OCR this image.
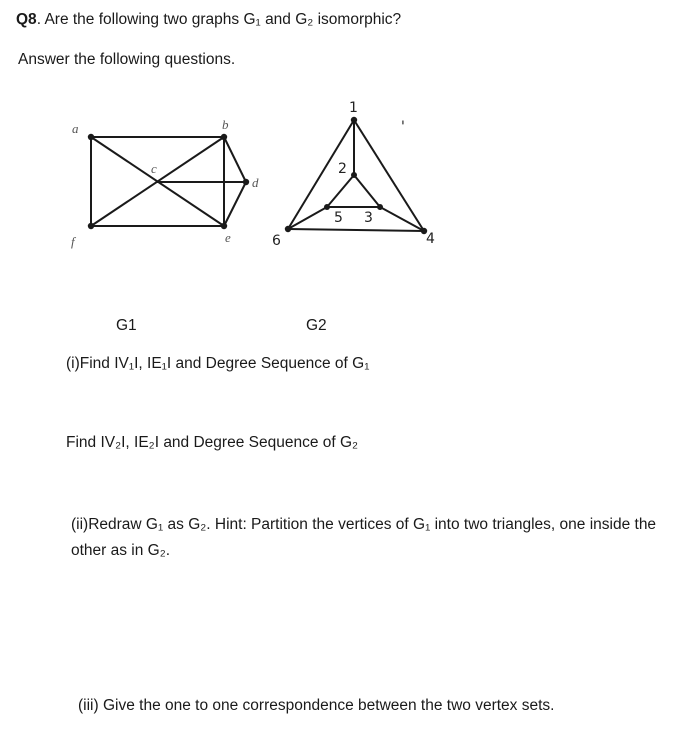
Q8. Are the following two graphs G₁ and G₂ isomorphic?
Answer the following questions.
a	b
c
d
e
f
1
2
3
4
5
6
'
G1	G2
(i)Find IV₁I, IE₁I and Degree Sequence of G₁
Find IV₂I, IE₂I and Degree Sequence of G₂
(ii)Redraw G₁ as G₂. Hint: Partition the vertices of G₁ into two triangles, one inside the other as in G₂.
(iii) Give the one to one correspondence between the two vertex sets.
